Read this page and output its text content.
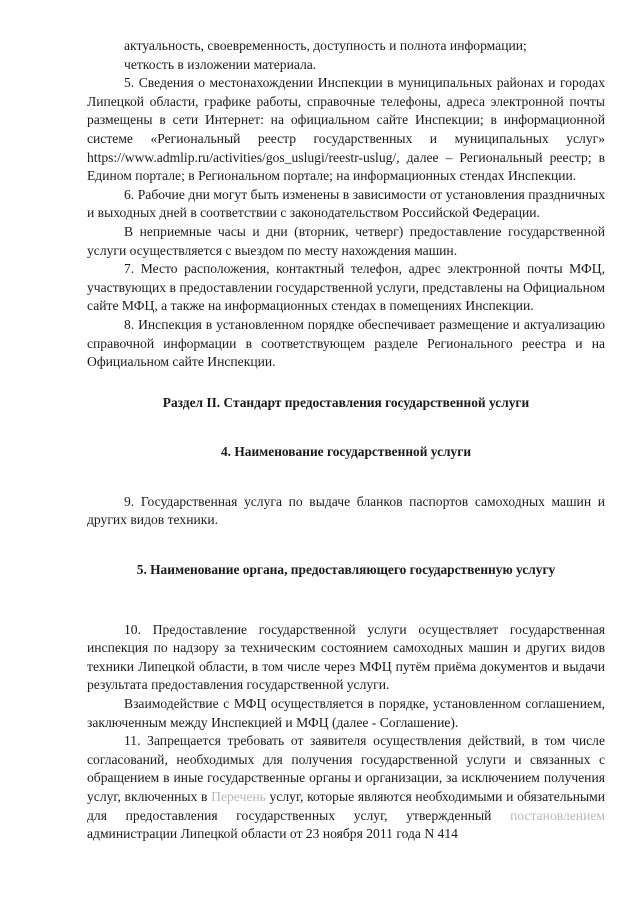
актуальность, своевременность, доступность и полнота информации;

четкость в изложении материала.

5. Сведения о местонахождении Инспекции в муниципальных районах и городах Липецкой области, графике работы, справочные телефоны, адреса электронной почты размещены в сети Интернет: на официальном сайте Инспекции; в информационной системе «Региональный реестр государственных и муниципальных услуг» https://www.admlip.ru/activities/gos_uslugi/reestr-uslug/, далее – Региональный реестр; в Едином портале; в Региональном портале; на информационных стендах Инспекции.

6. Рабочие дни могут быть изменены в зависимости от установления праздничных и выходных дней в соответствии с законодательством Российской Федерации.

В неприемные часы и дни (вторник, четверг) предоставление государственной услуги осуществляется с выездом по месту нахождения машин.

7. Место расположения, контактный телефон, адрес электронной почты МФЦ, участвующих в предоставлении государственной услуги, представлены на Официальном сайте МФЦ, а также на информационных стендах в помещениях Инспекции.

8. Инспекция в установленном порядке обеспечивает размещение и актуализацию справочной информации в соответствующем разделе Регионального реестра и на Официальном сайте Инспекции.

Раздел II. Стандарт предоставления государственной услуги
4. Наименование государственной услуги

9. Государственная услуга по выдаче бланков паспортов самоходных машин и других видов техники.

5. Наименование органа, предоставляющего государственную услугу

10. Предоставление государственной услуги осуществляет государственная инспекция по надзору за техническим состоянием самоходных машин и других видов техники Липецкой области, в том числе через МФЦ путём приёма документов и выдачи результата предоставления государственной услуги.

Взаимодействие с МФЦ осуществляется в порядке, установленном соглашением, заключенным между Инспекцией и МФЦ (далее - Соглашение).

11. Запрещается требовать от заявителя осуществления действий, в том числе согласований, необходимых для получения государственной услуги и связанных с обращением в иные государственные органы и организации, за исключением получения услуг, включенных в Перечень услуг, которые являются необходимыми и обязательными для предоставления государственных услуг, утвержденный постановлением администрации Липецкой области от 23 ноября 2011 года N 414
